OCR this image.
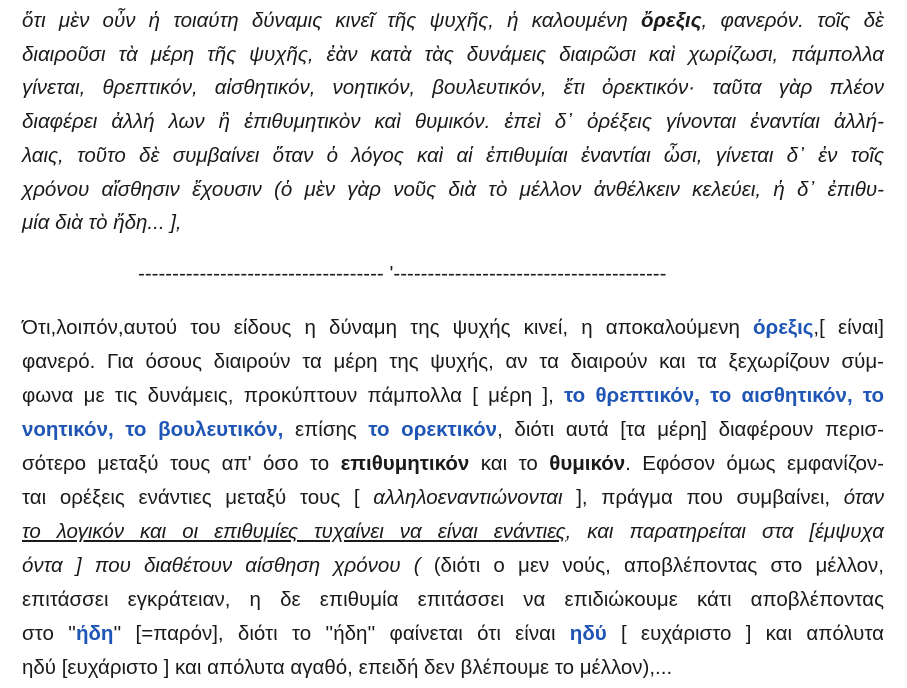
ὅτι μὲν οὖν ἡ τοιαύτη δύναμις κινεῖ τῆς ψυχῆς, ἡ καλουμένη ὄρεξις, φανερόν. τοῖς δὲ
διαιροῦσι τὰ μέρη τῆς ψυχῆς, ἐὰν κατὰ τὰς δυνάμεις διαιρῶσι καὶ χωρίζωσι, πάμπολλα
γίνεται, θρεπτικόν, αἰσθητικόν, νοητικόν, βουλευτικόν, ἔτι ὀρεκτικόν· ταῦτα γὰρ πλέον
διαφέρει ἀλλή λων ἢ ἐπιθυμητικὸν καὶ θυμικόν. ἐπεὶ δ᾽ ὀρέξεις γίνονται ἐναντίαι ἀλλή-
λαις, τοῦτο δὲ συμβαίνει ὅταν ὁ λόγος καὶ αἱ ἐπιθυμίαι ἐναντίαι ὦσι, γίνεται δ᾽ ἐν τοῖς
χρόνου αἴσθησιν ἔχουσιν (ὁ μὲν γὰρ νοῦς διὰ τὸ μέλλον ἀνθέλκειν κελεύει, ἡ δ᾽ ἐπιθυ-
μία διὰ τὸ ἤδη... ],
------------------------------------ '----------------------------------------
Ότι,λοιπόν,αυτού του είδους η δύναμη της ψυχής κινεί, η αποκαλούμενη όρεξις,[ είναι]
φανερό. Για όσους διαιρούν τα μέρη της ψυχής, αν τα διαιρούν και τα ξεχωρίζουν σύμ-
φωνα με τις δυνάμεις, προκύπτουν πάμπολλα [ μέρη ], το θρεπτικόν, το αισθητικόν, το
νοητικόν, το βουλευτικόν, επίσης το ορεκτικόν, διότι αυτά [τα μέρη] διαφέρουν περισ-
σότερο μεταξύ τους απ' όσο το επιθυμητικόν και το θυμικόν. Εφόσον όμως εμφανίζον-
ται ορέξεις ενάντιες μεταξύ τους [ αλληλοεναντιώνονται ], πράγμα που συμβαίνει, όταν
το λογικόν και οι επιθυμίες τυχαίνει να είναι ενάντιες, και παρατηρείται στα [έμψυχα
όντα ] που διαθέτουν αίσθηση χρόνου ( (διότι ο μεν νούς, αποβλέποντας στο μέλλον,
επιτάσσει εγκράτειαν, η δε επιθυμία επιτάσσει να επιδιώκουμε κάτι αποβλέποντας
στο ''ήδη'' [=παρόν], διότι το ''ήδη'' φαίνεται ότι είναι ηδύ [ ευχάριστο ] και απόλυτα
ηδύ [ευχάριστο ] και απόλυτα αγαθό, επειδή δεν βλέπουμε το μέλλον),...
